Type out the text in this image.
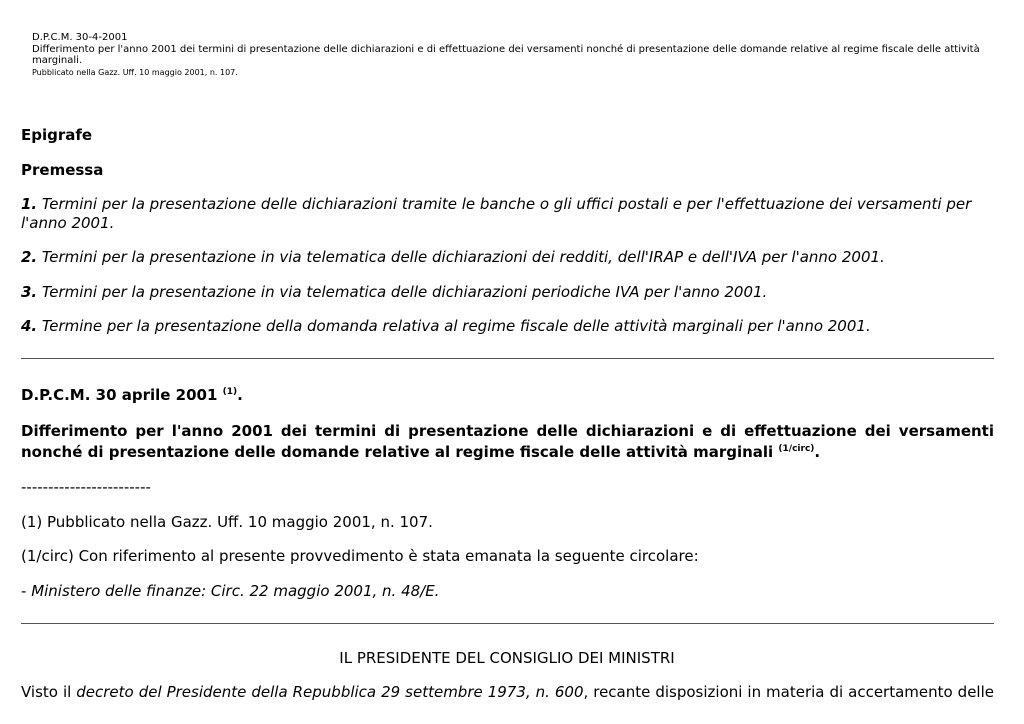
D.P.C.M. 30-4-2001
Differimento per l'anno 2001 dei termini di presentazione delle dichiarazioni e di effettuazione dei versamenti nonché di presentazione delle domande relative al regime fiscale delle attività marginali.
Pubblicato nella Gazz. Uff. 10 maggio 2001, n. 107.
Epigrafe
Premessa
1. Termini per la presentazione delle dichiarazioni tramite le banche o gli uffici postali e per l'effettuazione dei versamenti per l'anno 2001.
2. Termini per la presentazione in via telematica delle dichiarazioni dei redditi, dell'IRAP e dell'IVA per l'anno 2001.
3. Termini per la presentazione in via telematica delle dichiarazioni periodiche IVA per l'anno 2001.
4. Termine per la presentazione della domanda relativa al regime fiscale delle attività marginali per l'anno 2001.
D.P.C.M. 30 aprile 2001 $^{(1)}$.
Differimento per l'anno 2001 dei termini di presentazione delle dichiarazioni e di effettuazione dei versamenti nonché di presentazione delle domande relative al regime fiscale delle attività marginali $^{(1/circ)}$.
------------------------
(1) Pubblicato nella Gazz. Uff. 10 maggio 2001, n. 107.
(1/circ) Con riferimento al presente provvedimento è stata emanata la seguente circolare:
- Ministero delle finanze: Circ. 22 maggio 2001, n. 48/E.
IL PRESIDENTE DEL CONSIGLIO DEI MINISTRI
Visto il decreto del Presidente della Repubblica 29 settembre 1973, n. 600, recante disposizioni in materia di accertamento delle
